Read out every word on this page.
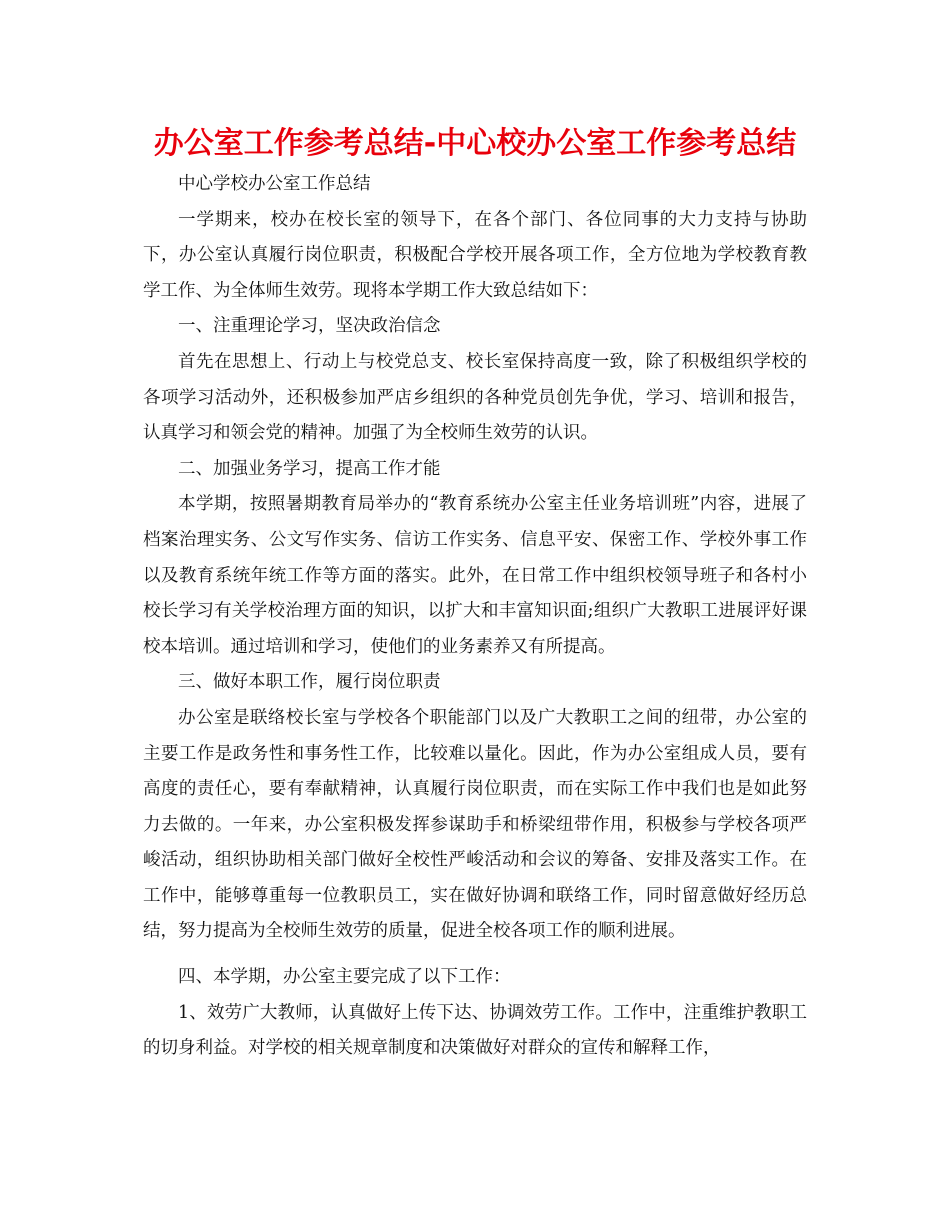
办公室工作参考总结-中心校办公室工作参考总结

中心学校办公室工作总结

一学期来，校办在校长室的领导下，在各个部门、各位同事的大力支持与协助下，办公室认真履行岗位职责，积极配合学校开展各项工作，全方位地为学校教育教学工作、为全体师生效劳。现将本学期工作大致总结如下：

一、注重理论学习，坚决政治信念

首先在思想上、行动上与校党总支、校长室保持高度一致，除了积极组织学校的各项学习活动外，还积极参加严店乡组织的各种党员创先争优，学习、培训和报告，认真学习和领会党的精神。加强了为全校师生效劳的认识。

二、加强业务学习，提高工作才能

本学期，按照暑期教育局举办的“教育系统办公室主任业务培训班”内容，进展了档案治理实务、公文写作实务、信访工作实务、信息平安、保密工作、学校外事工作以及教育系统年统工作等方面的落实。此外，在日常工作中组织校领导班子和各村小校长学习有关学校治理方面的知识，以扩大和丰富知识面;组织广大教职工进展评好课校本培训。通过培训和学习，使他们的业务素养又有所提高。

三、做好本职工作，履行岗位职责

办公室是联络校长室与学校各个职能部门以及广大教职工之间的纽带，办公室的主要工作是政务性和事务性工作，比较难以量化。因此，作为办公室组成人员，要有高度的责任心，要有奉献精神，认真履行岗位职责，而在实际工作中我们也是如此努力去做的。一年来，办公室积极发挥参谋助手和桥梁纽带作用，积极参与学校各项严峻活动，组织协助相关部门做好全校性严峻活动和会议的筹备、安排及落实工作。在工作中，能够尊重每一位教职员工，实在做好协调和联络工作，同时留意做好经历总结，努力提高为全校师生效劳的质量，促进全校各项工作的顺利进展。

四、本学期，办公室主要完成了以下工作：

1、效劳广大教师，认真做好上传下达、协调效劳工作。工作中，注重维护教职工的切身利益。对学校的相关规章制度和决策做好对群众的宣传和解释工作，
